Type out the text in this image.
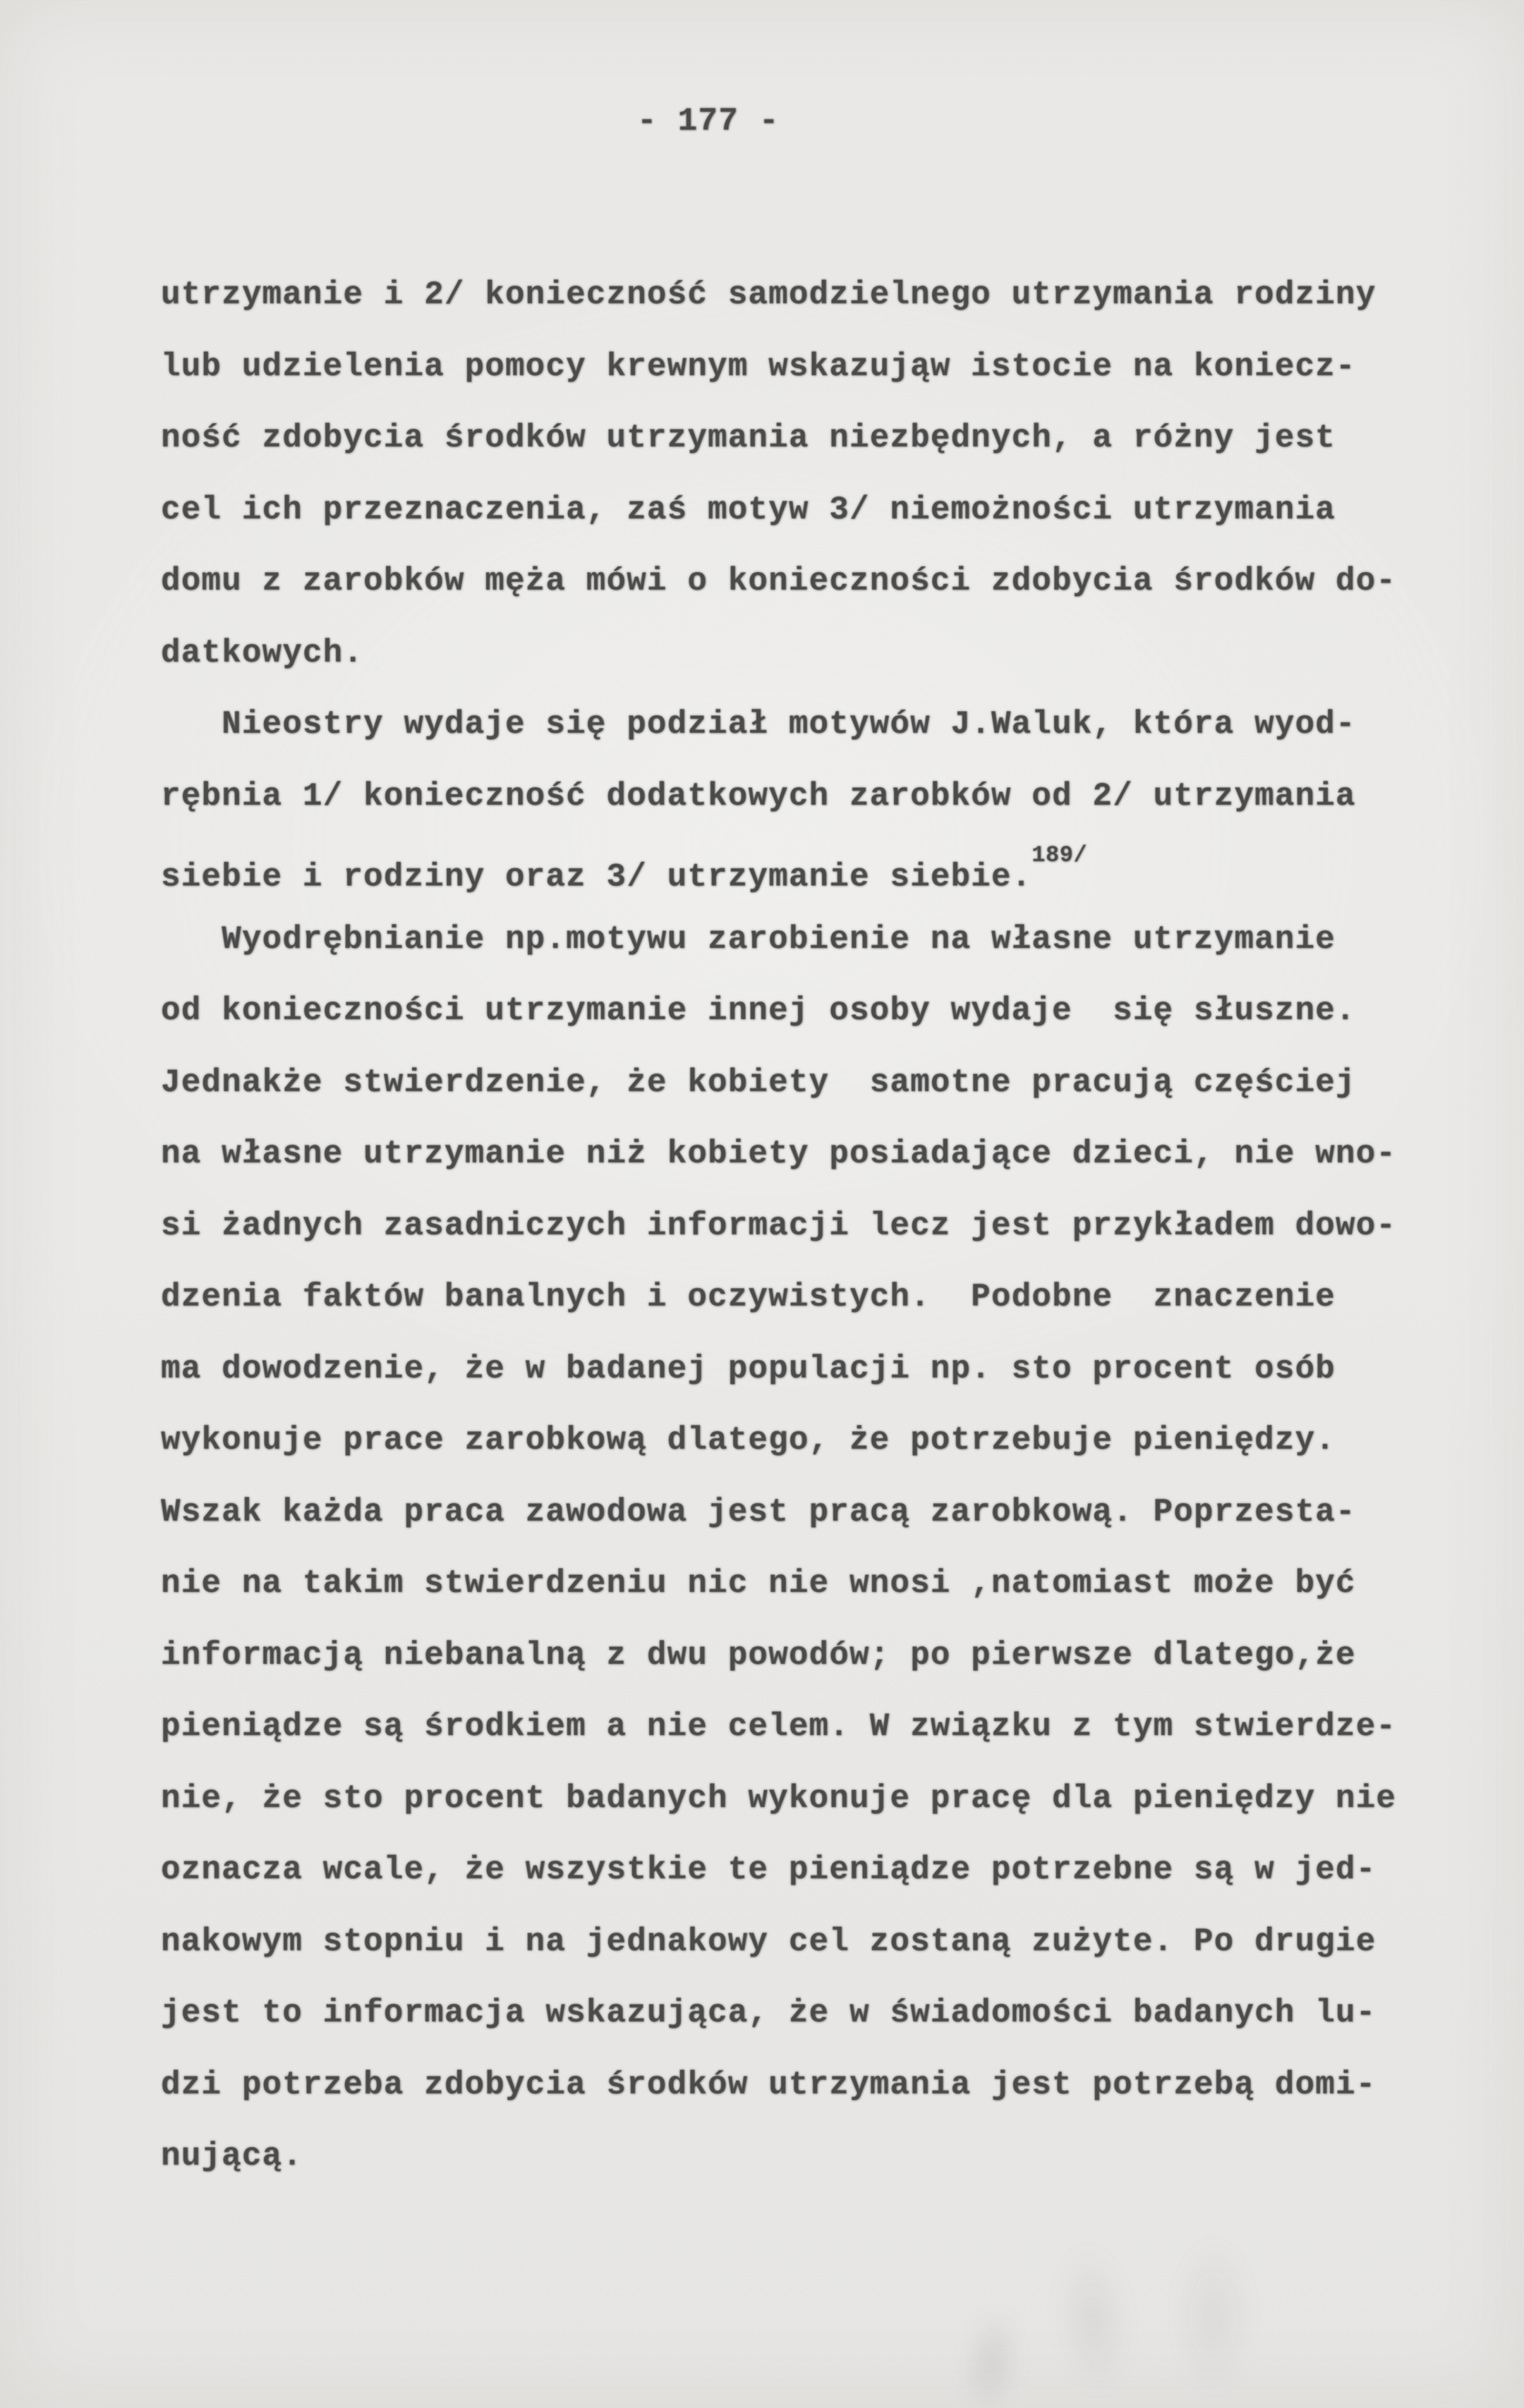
- 177 -
utrzymanie i 2/ konieczność samodzielnego utrzymania rodziny
lub udzielenia pomocy krewnym wskazująw istocie na koniecz-
ność zdobycia środków utrzymania niezbędnych, a różny jest
cel ich przeznaczenia, zaś motyw 3/ niemożności utrzymania
domu z zarobków męża mówi o konieczności zdobycia środków do-
datkowych.
Nieostry wydaje się podział motywów J.Waluk, która wyod-
rębnia 1/ konieczność dodatkowych zarobków od 2/ utrzymania
siebie i rodziny oraz 3/ utrzymanie siebie.$^{189/}$
Wyodrębnianie np.motywu zarobienie na własne utrzymanie
od konieczności utrzymanie innej osoby wydaje  się słuszne.
Jednakże stwierdzenie, że kobiety  samotne pracują częściej
na własne utrzymanie niż kobiety posiadające dzieci, nie wno-
si żadnych zasadniczych informacji lecz jest przykładem dowo-
dzenia faktów banalnych i oczywistych.  Podobne  znaczenie
ma dowodzenie, że w badanej populacji np. sto procent osób
wykonuje prace zarobkową dlatego, że potrzebuje pieniędzy.
Wszak każda praca zawodowa jest pracą zarobkową. Poprzesta-
nie na takim stwierdzeniu nic nie wnosi ,natomiast może być
informacją niebanalną z dwu powodów; po pierwsze dlatego,że
pieniądze są środkiem a nie celem. W związku z tym stwierdze-
nie, że sto procent badanych wykonuje pracę dla pieniędzy nie
oznacza wcale, że wszystkie te pieniądze potrzebne są w jed-
nakowym stopniu i na jednakowy cel zostaną zużyte. Po drugie
jest to informacja wskazująca, że w świadomości badanych lu-
dzi potrzeba zdobycia środków utrzymania jest potrzebą domi-
nującą.
